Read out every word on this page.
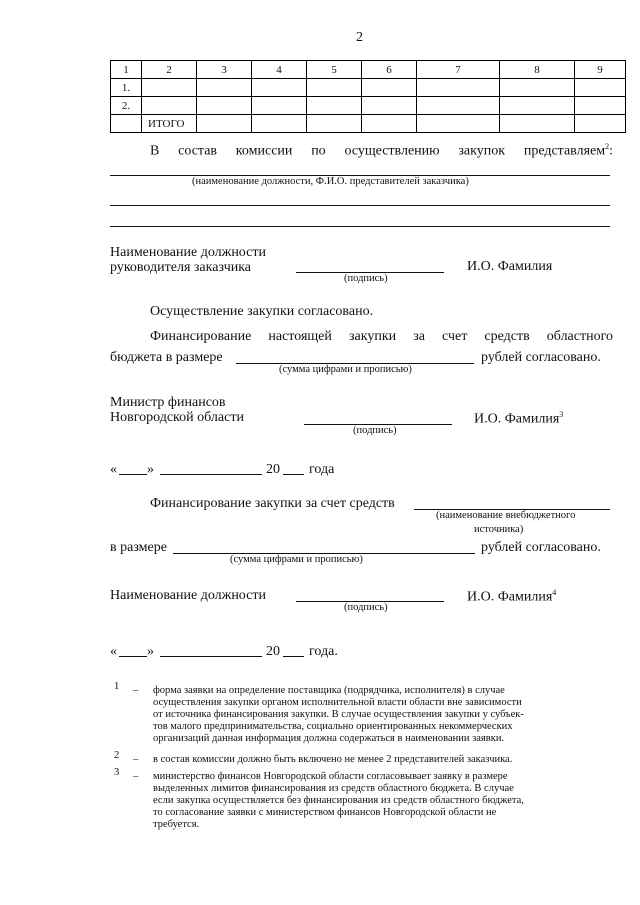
2
1	2	3	4	5	6	7	8	9
1.								
2.								
	ИТОГО							
В состав комиссии по осуществлению закупок представляем$^2$:
(наименование должности, Ф.И.О. представителей заказчика)
Наименование должности
руководителя заказчика
(подпись)
И.О. Фамилия
Осуществление закупки согласовано.
Финансирование настоящей закупки за счет средств областного
бюджета в размере	рублей согласовано.
(сумма цифрами и прописью)
Министр финансов
Новгородской области
(подпись)
И.О. Фамилия$^3$
« »	20 года
Финансирование закупки за счет средств
(наименование внебюджетного
источника)
в размере	рублей согласовано.
(сумма цифрами и прописью)
Наименование должности
(подпись)
И.О. Фамилия$^4$
« »	20 года.
1 – форма заявки на определение поставщика (подрядчика, исполнителя) в случае
осуществления закупки органом исполнительной власти области вне зависимости
от источника финансирования закупки. В случае осуществления закупки у субъек-
тов малого предпринимательства, социально ориентированных некоммерческих
организаций данная информация должна содержаться в наименовании заявки.
2 – в состав комиссии должно быть включено не менее 2 представителей заказчика.
3 – министерство финансов Новгородской области согласовывает заявку в размере
выделенных лимитов финансирования из средств областного бюджета. В случае
если закупка осуществляется без финансирования из средств областного бюджета,
то согласование заявки с министерством финансов Новгородской области не
требуется.
